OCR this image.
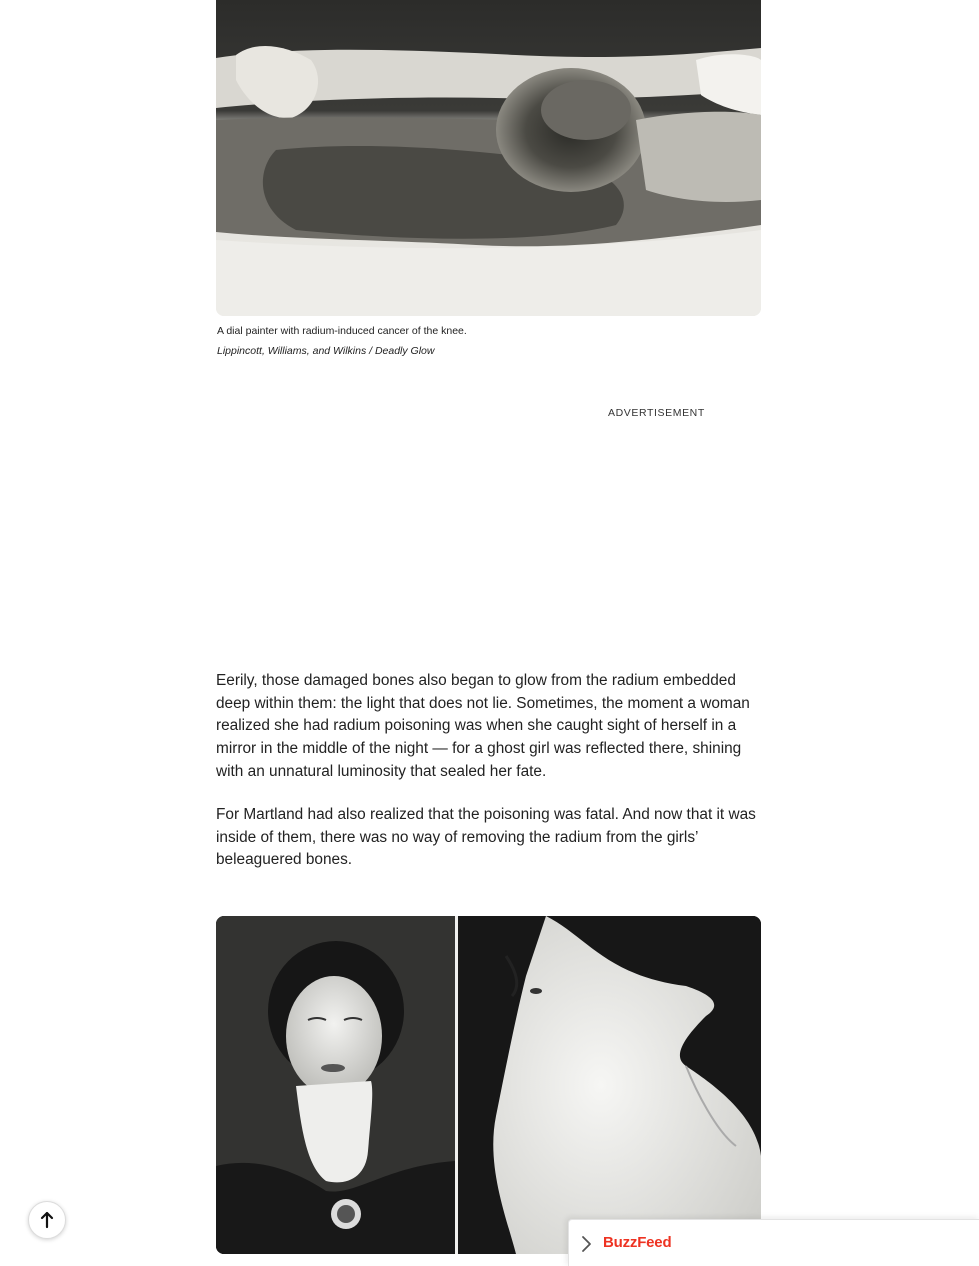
A dial painter with radium-induced cancer of the knee.
Lippincott, Williams, and Wilkins / Deadly Glow
ADVERTISEMENT

Eerily, those damaged bones also began to glow from the radium embedded deep within them: the light that does not lie. Sometimes, the moment a woman realized she had radium poisoning was when she caught sight of herself in a mirror in the middle of the night — for a ghost girl was reflected there, shining with an unnatural luminosity that sealed her fate.

For Martland had also realized that the poisoning was fatal. And now that it was inside of them, there was no way of removing the radium from the girls’ beleaguered bones.

BuzzFeed
